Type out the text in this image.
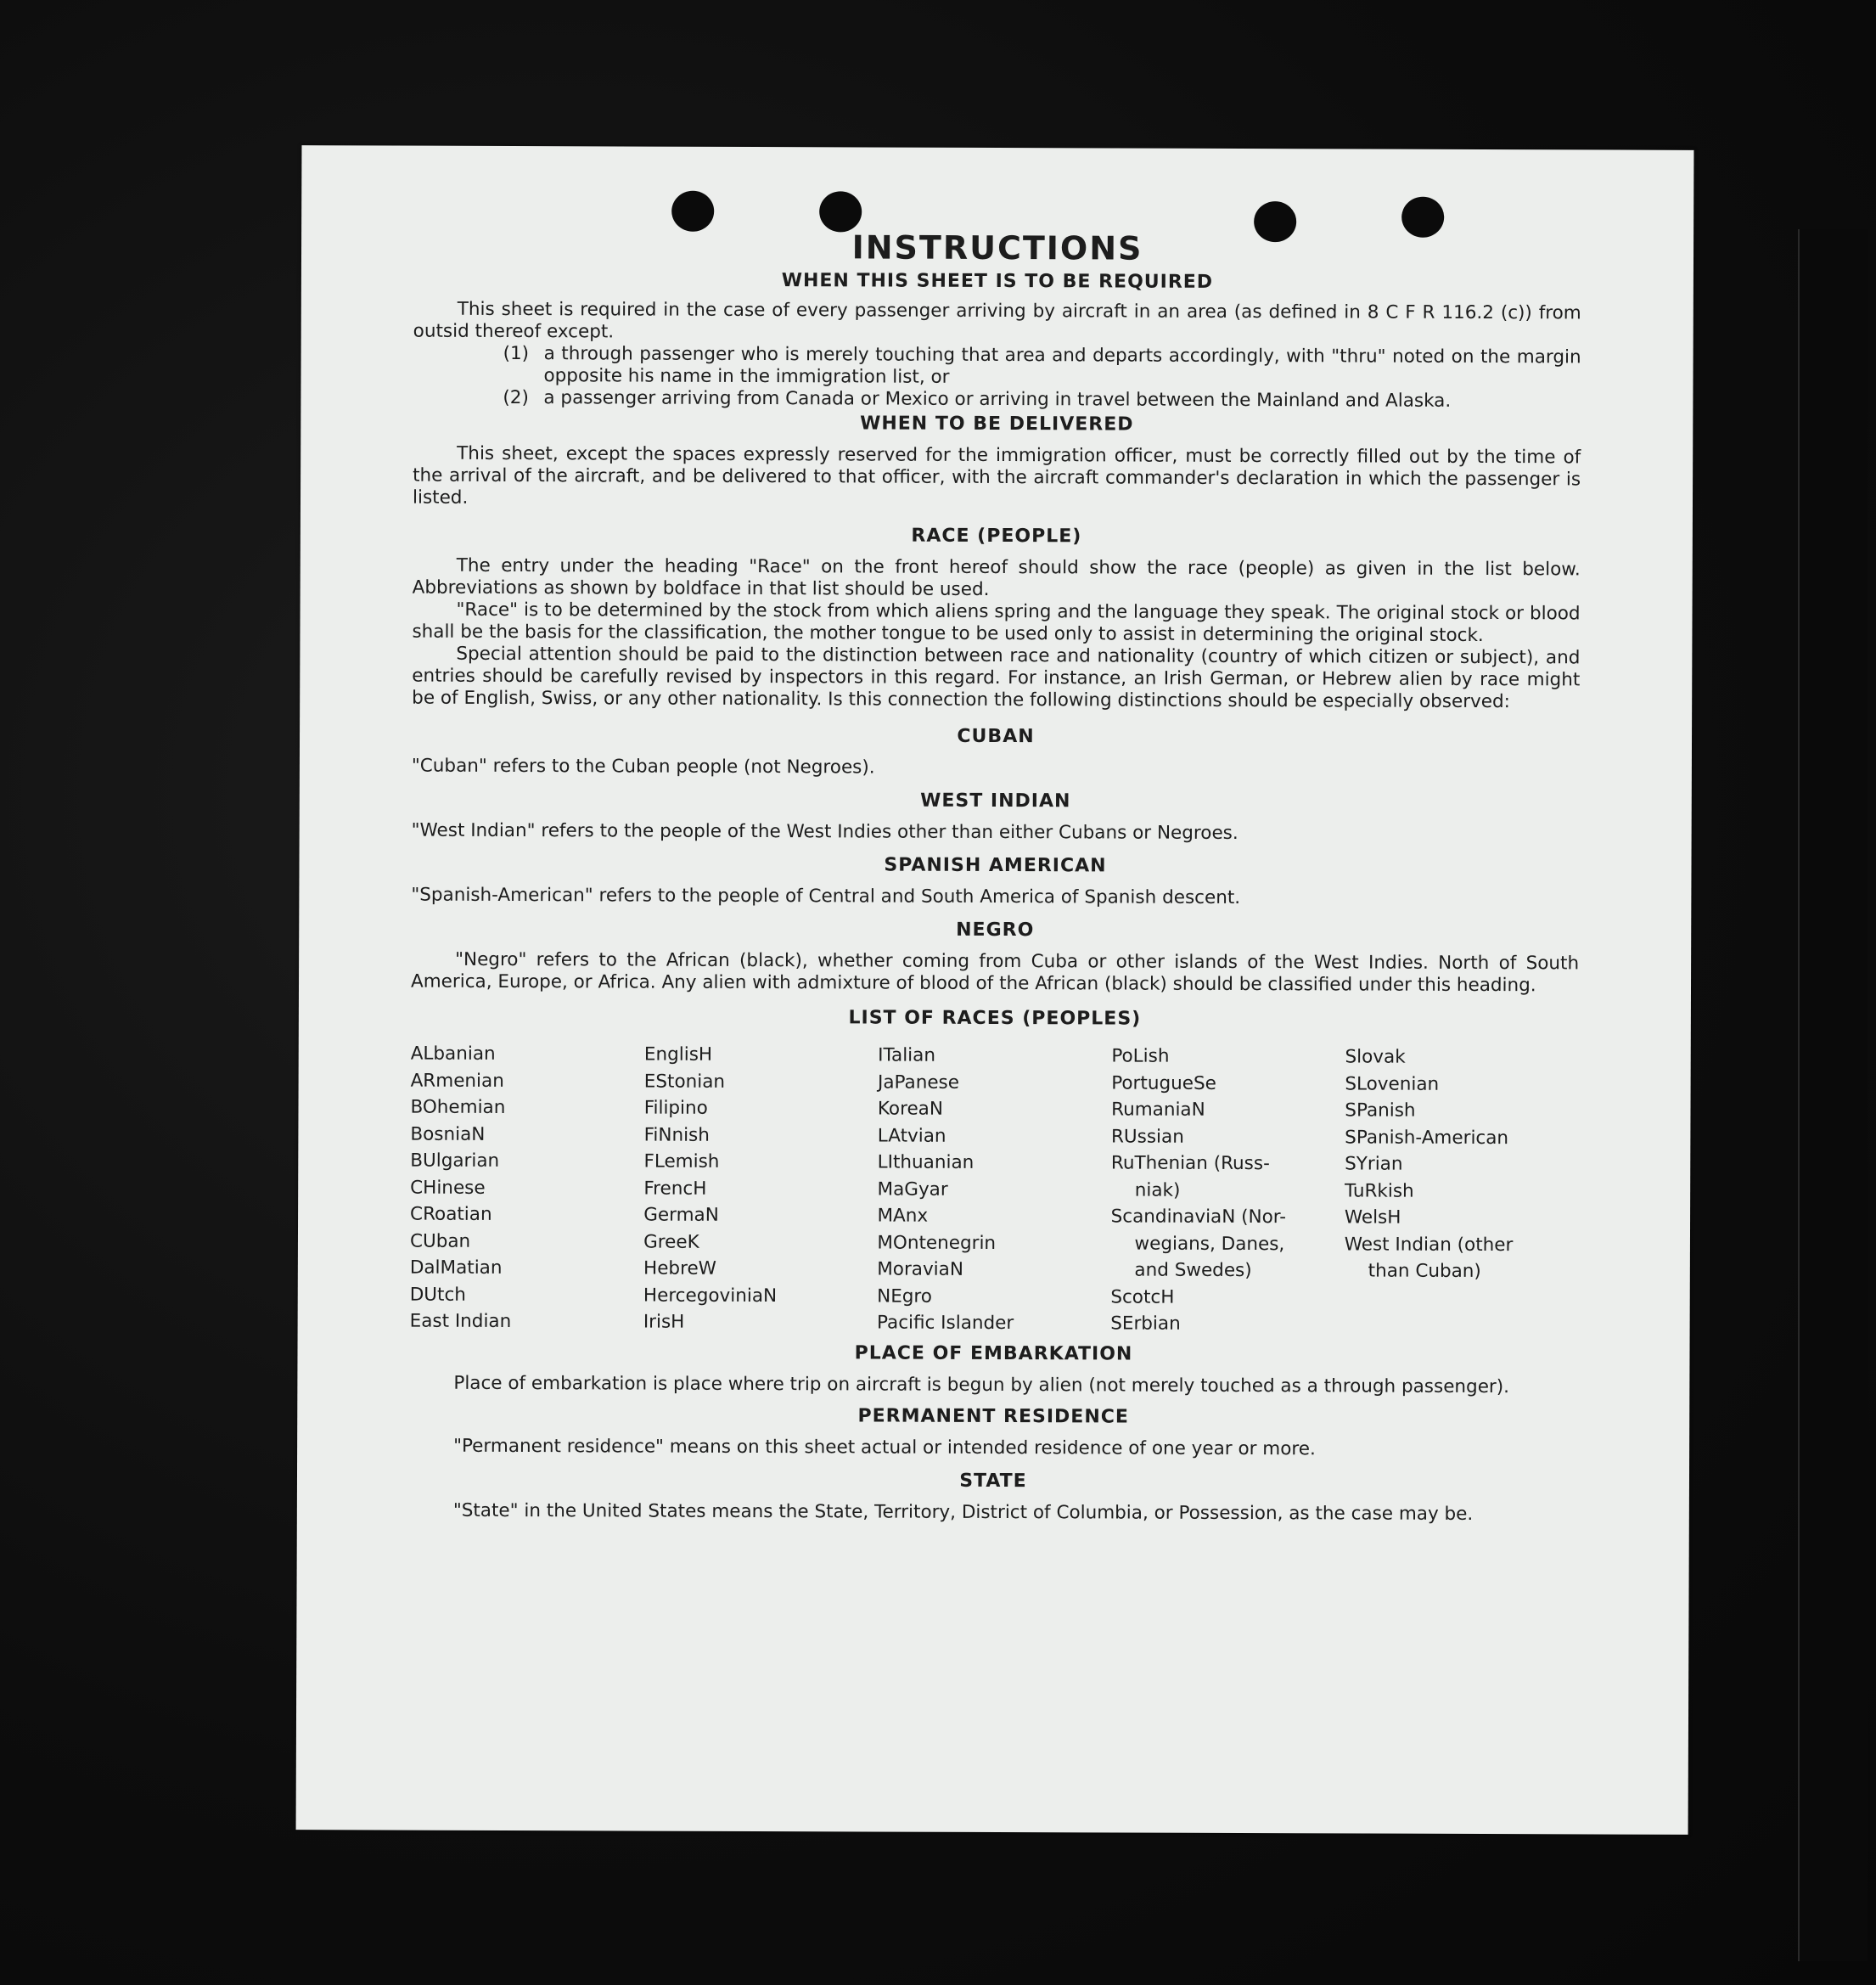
INSTRUCTIONS
WHEN THIS SHEET IS TO BE REQUIRED

This sheet is required in the case of every passenger arriving by aircraft in an area (as defined in 8 C F R 116.2 (c)) from outsid thereof except.

(1) a through passenger who is merely touching that area and departs accordingly, with "thru" noted on the margin opposite his name in the immigration list, or
(2) a passenger arriving from Canada or Mexico or arriving in travel between the Mainland and Alaska.
WHEN TO BE DELIVERED

This sheet, except the spaces expressly reserved for the immigration officer, must be correctly filled out by the time of the arrival of the aircraft, and be delivered to that officer, with the aircraft commander's declaration in which the passenger is listed.

RACE (PEOPLE)

The entry under the heading "Race" on the front hereof should show the race (people) as given in the list below. Abbreviations as shown by boldface in that list should be used.

"Race" is to be determined by the stock from which aliens spring and the language they speak. The original stock or blood shall be the basis for the classification, the mother tongue to be used only to assist in determining the original stock.

Special attention should be paid to the distinction between race and nationality (country of which citizen or subject), and entries should be carefully revised by inspectors in this regard. For instance, an Irish German, or Hebrew alien by race might be of English, Swiss, or any other nationality. Is this connection the following distinctions should be especially observed:

CUBAN

"Cuban" refers to the Cuban people (not Negroes).

WEST INDIAN

"West Indian" refers to the people of the West Indies other than either Cubans or Negroes.

SPANISH AMERICAN

"Spanish-American" refers to the people of Central and South America of Spanish descent.

NEGRO

"Negro" refers to the African (black), whether coming from Cuba or other islands of the West Indies. North of South America, Europe, or Africa. Any alien with admixture of blood of the African (black) should be classified under this heading.

LIST OF RACES (PEOPLES)
ALbanian
ARmenian
BOhemian
BosniaN
BUlgarian
CHinese
CRoatian
CUban
DalMatian
DUtch
East Indian
EnglisH
EStonian
Filipino
FiNnish
FLemish
FrencH
GermaN
GreeK
HebreW
HercegoviniaN
IrisH
ITalian
JaPanese
KoreaN
LAtvian
LIthuanian
MaGyar
MAnx
MOntenegrin
MoraviaN
NEgro
Pacific Islander
PoLish
PortugueSe
RumaniaN
RUssian
RuThenian (Russ-
niak)
ScandinaviaN (Nor-
wegians, Danes,
and Swedes)
ScotcH
SErbian
Slovak
SLovenian
SPanish
SPanish-American
SYrian
TuRkish
WelsH
West Indian (other
than Cuban)
PLACE OF EMBARKATION

Place of embarkation is place where trip on aircraft is begun by alien (not merely touched as a through passenger).

PERMANENT RESIDENCE

"Permanent residence" means on this sheet actual or intended residence of one year or more.

STATE

"State" in the United States means the State, Territory, District of Columbia, or Possession, as the case may be.
